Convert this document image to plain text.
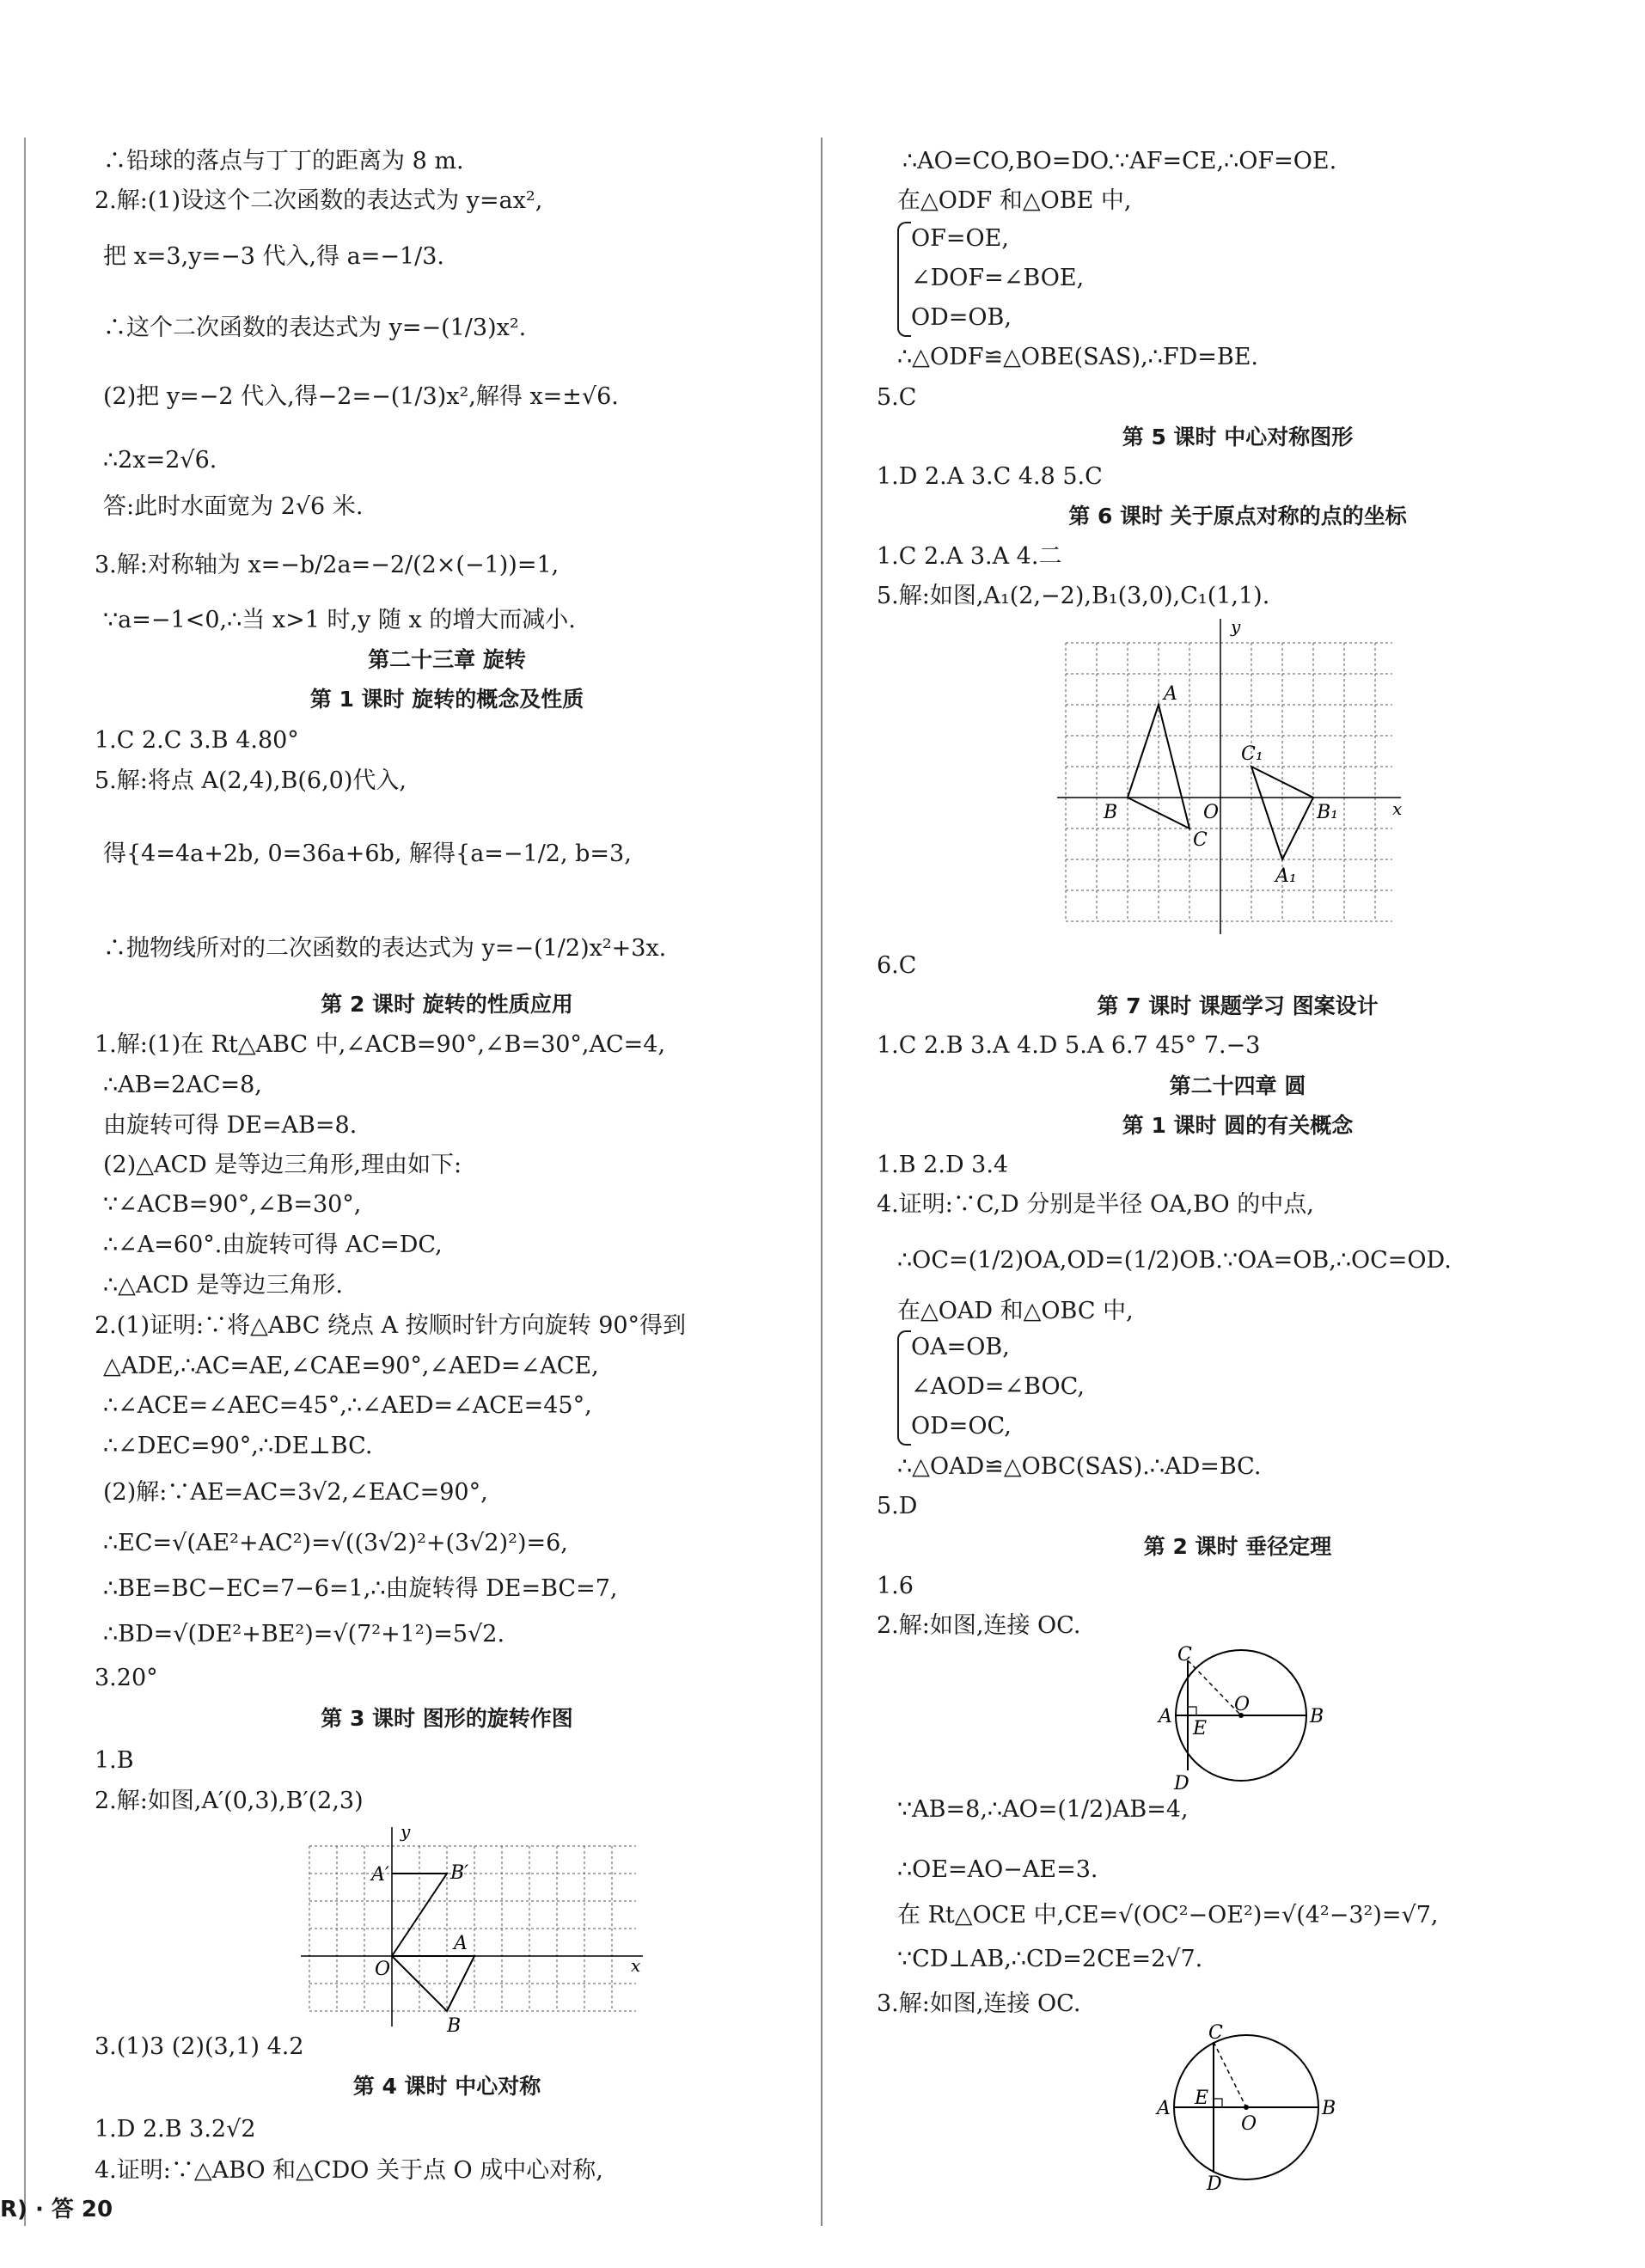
∴铅球的落点与丁丁的距离为 8 m.
2.解:(1)设这个二次函数的表达式为 y=ax²,
把 x=3,y=−3 代入,得 a=−1/3.
∴这个二次函数的表达式为 y=−(1/3)x².
(2)把 y=−2 代入,得−2=−(1/3)x²,解得 x=±√6.
∴2x=2√6.
答:此时水面宽为 2√6 米.
3.解:对称轴为 x=−b/2a=−2/(2×(−1))=1,
∵a=−1<0,∴当 x>1 时,y 随 x 的增大而减小.
第二十三章 旋转
第 1 课时 旋转的概念及性质
1.C 2.C 3.B 4.80°
5.解:将点 A(2,4),B(6,0)代入,
得{4=4a+2b, 0=36a+6b, 解得{a=−1/2, b=3,
∴抛物线所对的二次函数的表达式为 y=−(1/2)x²+3x.
第 2 课时 旋转的性质应用
1.解:(1)在 Rt△ABC 中,∠ACB=90°,∠B=30°,AC=4,
∴AB=2AC=8,
由旋转可得 DE=AB=8.
(2)△ACD 是等边三角形,理由如下:
∵∠ACB=90°,∠B=30°,
∴∠A=60°.由旋转可得 AC=DC,
∴△ACD 是等边三角形.
2.(1)证明:∵将△ABC 绕点 A 按顺时针方向旋转 90°得到
△ADE,∴AC=AE,∠CAE=90°,∠AED=∠ACE,
∴∠ACE=∠AEC=45°,∴∠AED=∠ACE=45°,
∴∠DEC=90°,∴DE⊥BC.
(2)解:∵AE=AC=3√2,∠EAC=90°,
∴EC=√(AE²+AC²)=√((3√2)²+(3√2)²)=6,
∴BE=BC−EC=7−6=1,∴由旋转得 DE=BC=7,
∴BD=√(DE²+BE²)=√(7²+1²)=5√2.
3.20°
第 3 课时 图形的旋转作图
1.B
2.解:如图,A′(0,3),B′(2,3)
y
x
O
A′	B′
A
B
3.(1)3 (2)(3,1) 4.2
第 4 课时 中心对称
1.D 2.B 3.2√2
4.证明:∵△ABO 和△CDO 关于点 O 成中心对称,
∴AO=CO,BO=DO.∵AF=CE,∴OF=OE.
在△ODF 和△OBE 中,
OF=OE,
∠DOF=∠BOE,
OD=OB,
∴△ODF≌△OBE(SAS),∴FD=BE.
5.C
第 5 课时 中心对称图形
1.D 2.A 3.C 4.8 5.C
第 6 课时 关于原点对称的点的坐标
1.C 2.A 3.A 4.二
5.解:如图,A₁(2,−2),B₁(3,0),C₁(1,1).
y
x
O
A
B
C
A₁
B₁
C₁
6.C
第 7 课时 课题学习 图案设计
1.C 2.B 3.A 4.D 5.A 6.7 45° 7.−3
第二十四章 圆
第 1 课时 圆的有关概念
1.B 2.D 3.4
4.证明:∵C,D 分别是半径 OA,BO 的中点,
∴OC=(1/2)OA,OD=(1/2)OB.∵OA=OB,∴OC=OD.
在△OAD 和△OBC 中,
OA=OB,
∠AOD=∠BOC,
OD=OC,
∴△OAD≌△OBC(SAS).∴AD=BC.
5.D
第 2 课时 垂径定理
1.6
2.解:如图,连接 OC.
C
A
E
O
B
D
∵AB=8,∴AO=(1/2)AB=4,
∴OE=AO−AE=3.
在 Rt△OCE 中,CE=√(OC²−OE²)=√(4²−3²)=√7,
∵CD⊥AB,∴CD=2CE=2√7.
3.解:如图,连接 OC.
C
A E
O
B
D
R) · 答 20
